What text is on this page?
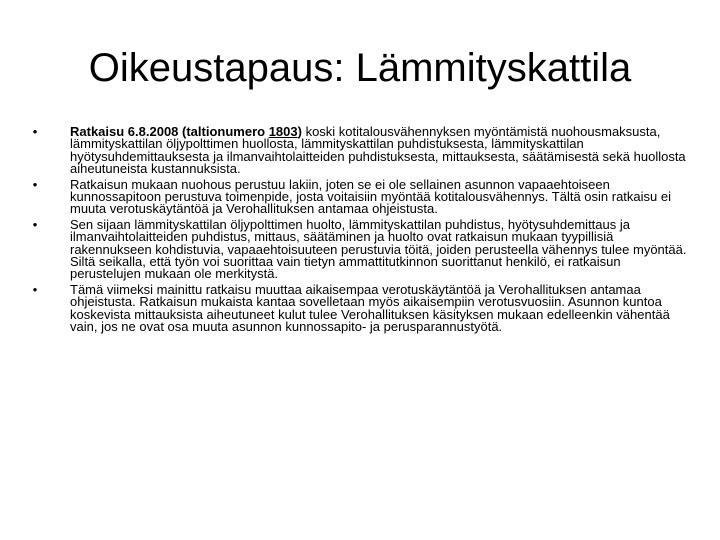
Oikeustapaus: Lämmityskattila
•	Ratkaisu 6.8.2008 (taltionumero 1803) koski kotitalousvähennyksen myöntämistä nuohousmaksusta, lämmityskattilan öljypolttimen huollosta, lämmityskattilan puhdistuksesta, lämmityskattilan hyötysuhdemittauksesta ja ilmanvaihtolaitteiden puhdistuksesta, mittauksesta, säätämisestä sekä huollosta aiheutuneista kustannuksista.
•	Ratkaisun mukaan nuohous perustuu lakiin, joten se ei ole sellainen asunnon vapaaehtoiseen kunnossapitoon perustuva toimenpide, josta voitaisiin myöntää kotitalousvähennys. Tältä osin ratkaisu ei muuta verotuskäytäntöä ja Verohallituksen antamaa ohjeistusta.
•	Sen sijaan lämmityskattilan öljypolttimen huolto, lämmityskattilan puhdistus, hyötysuhdemittaus ja ilmanvaihtolaitteiden puhdistus, mittaus, säätäminen ja huolto ovat ratkaisun mukaan tyypillisiä rakennukseen kohdistuvia, vapaaehtoisuuteen perustuvia töitä, joiden perusteella vähennys tulee myöntää. Siltä seikalla, että työn voi suorittaa vain tietyn ammattitutkinnon suorittanut henkilö, ei ratkaisun perustelujen mukaan ole merkitystä.
•	Tämä viimeksi mainittu ratkaisu muuttaa aikaisempaa verotuskäytäntöä ja Verohallituksen antamaa ohjeistusta. Ratkaisun mukaista kantaa sovelletaan myös aikaisempiin verotusvuosiin. Asunnon kuntoa koskevista mittauksista aiheutuneet kulut tulee Verohallituksen käsityksen mukaan edelleenkin vähentää vain, jos ne ovat osa muuta asunnon kunnossapito- ja perusparannustyötä.
